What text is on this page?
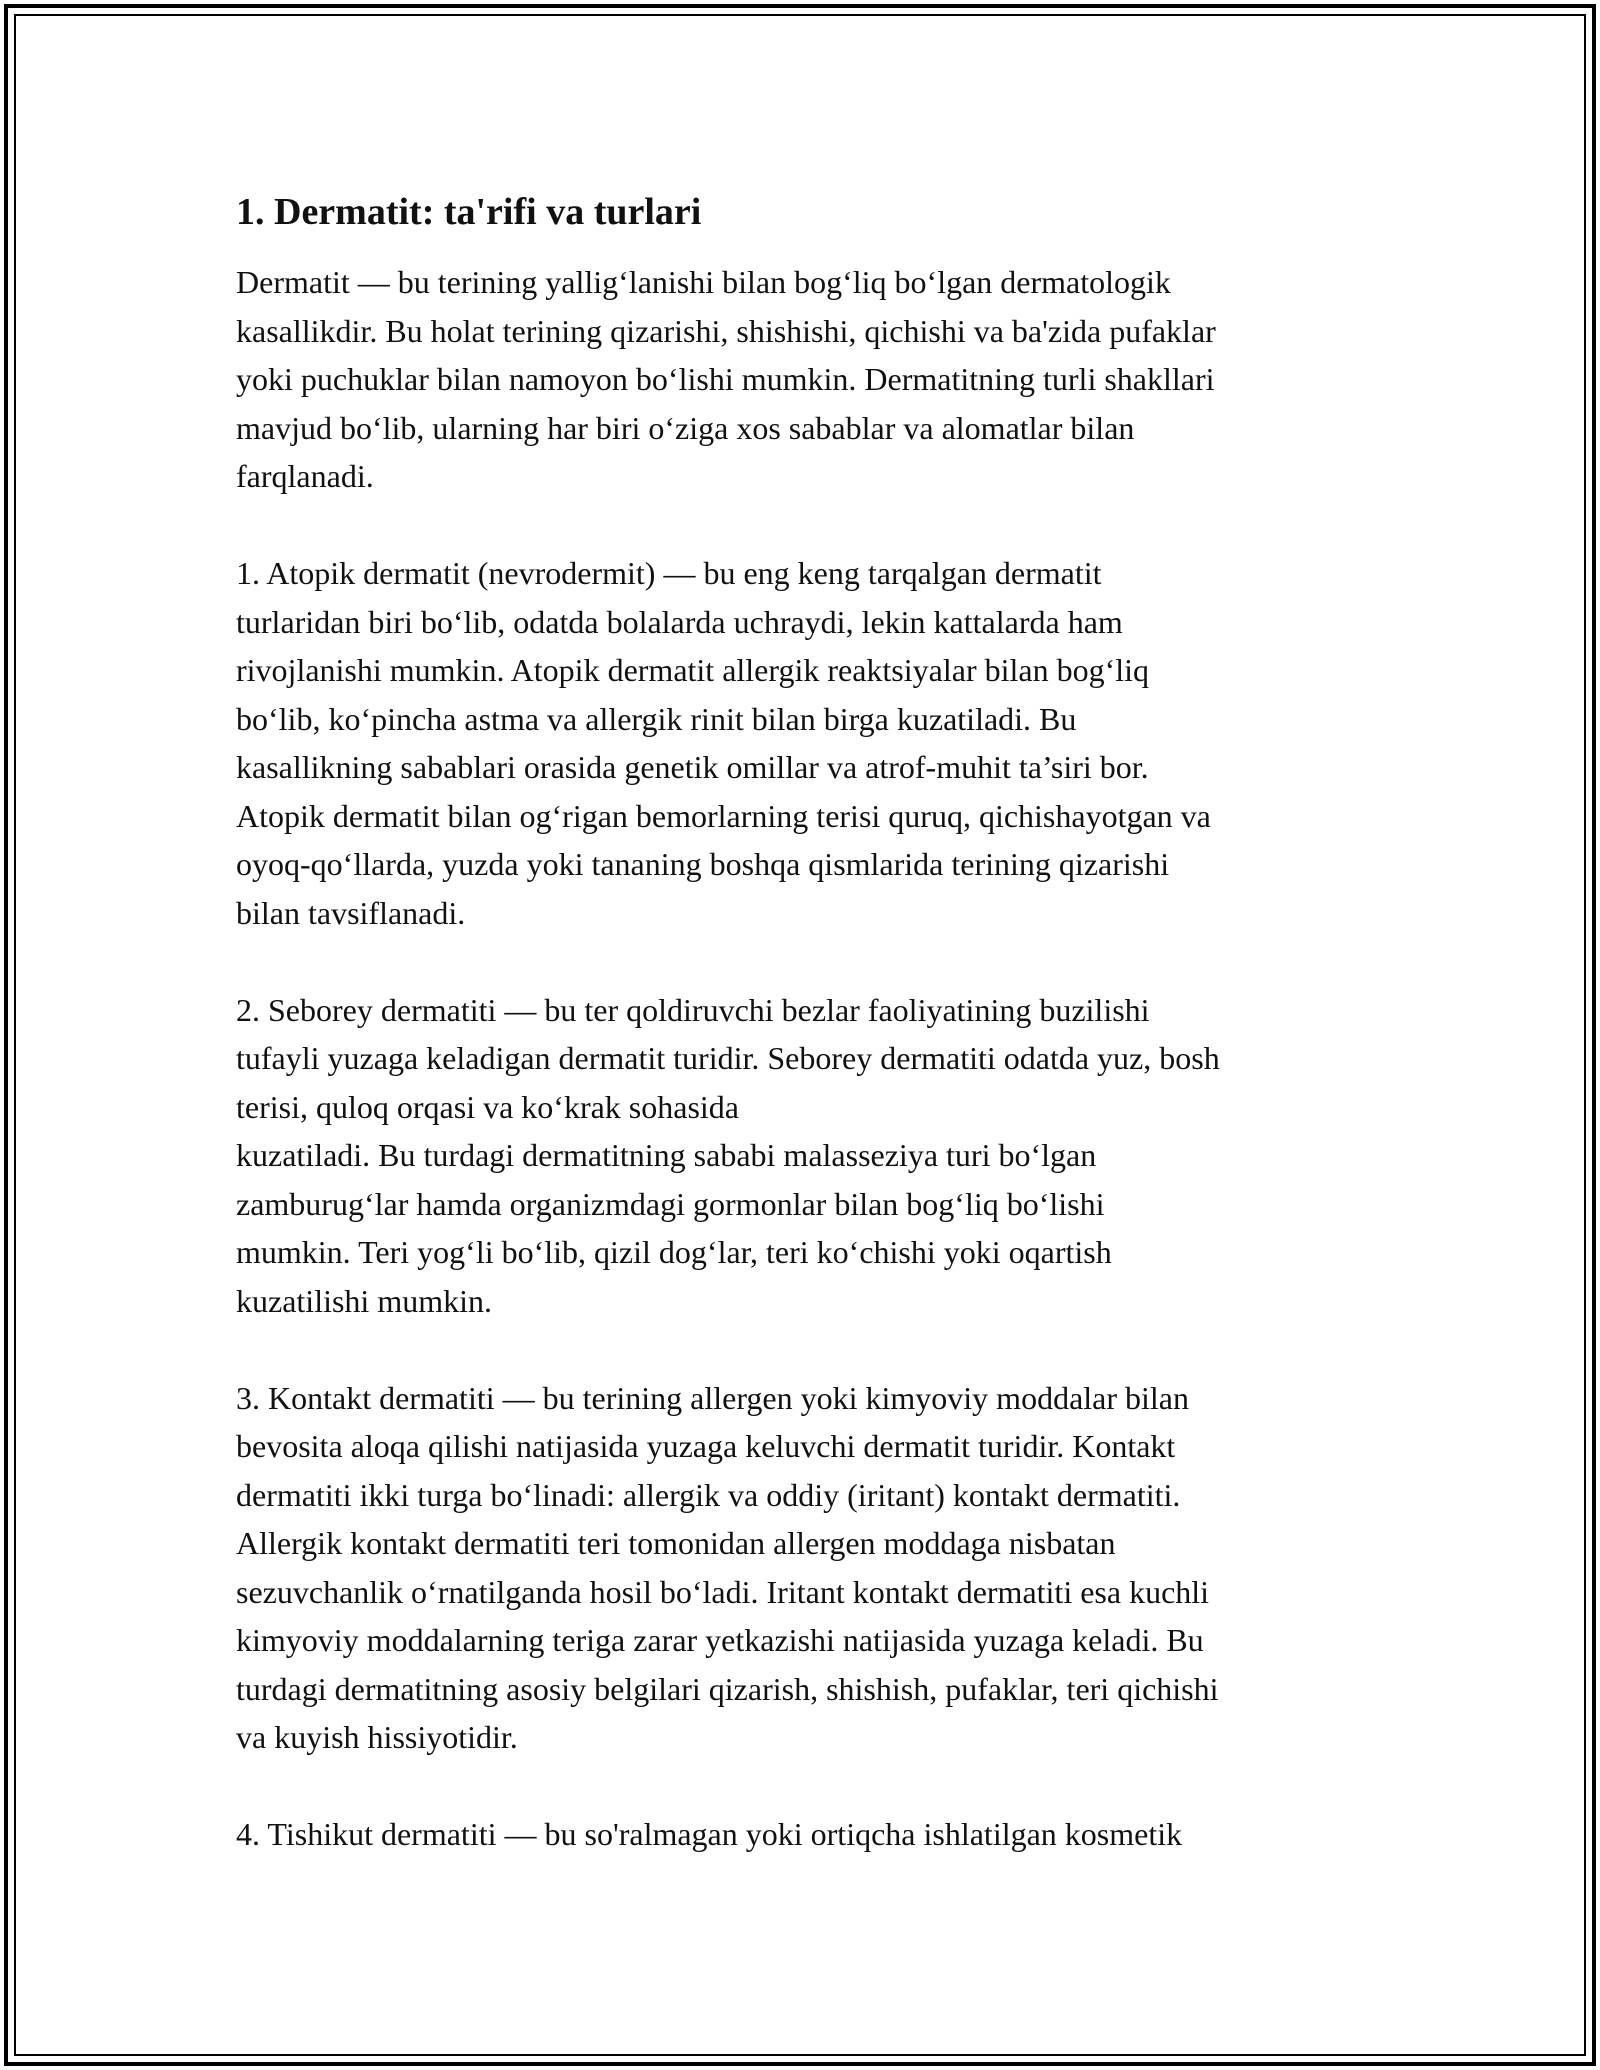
1. Dermatit: ta'rifi va turlari
Dermatit — bu terining yallig‘lanishi bilan bog‘liq bo‘lgan dermatologik
kasallikdir. Bu holat terining qizarishi, shishishi, qichishi va ba'zida pufaklar
yoki puchuklar bilan namoyon bo‘lishi mumkin. Dermatitning turli shakllari
mavjud bo‘lib, ularning har biri o‘ziga xos sabablar va alomatlar bilan
farqlanadi.
1. Atopik dermatit (nevrodermit) — bu eng keng tarqalgan dermatit
turlaridan biri bo‘lib, odatda bolalarda uchraydi, lekin kattalarda ham
rivojlanishi mumkin. Atopik dermatit allergik reaktsiyalar bilan bog‘liq
bo‘lib, ko‘pincha astma va allergik rinit bilan birga kuzatiladi. Bu
kasallikning sabablari orasida genetik omillar va atrof-muhit ta’siri bor.
Atopik dermatit bilan og‘rigan bemorlarning terisi quruq, qichishayotgan va
oyoq-qo‘llarda, yuzda yoki tananing boshqa qismlarida terining qizarishi
bilan tavsiflanadi.
2. Seborey dermatiti — bu ter qoldiruvchi bezlar faoliyatining buzilishi
tufayli yuzaga keladigan dermatit turidir. Seborey dermatiti odatda yuz, bosh
terisi, quloq orqasi va ko‘krak sohasida
kuzatiladi. Bu turdagi dermatitning sababi malasseziya turi bo‘lgan
zamburug‘lar hamda organizmdagi gormonlar bilan bog‘liq bo‘lishi
mumkin. Teri yog‘li bo‘lib, qizil dog‘lar, teri ko‘chishi yoki oqartish
kuzatilishi mumkin.
3. Kontakt dermatiti — bu terining allergen yoki kimyoviy moddalar bilan
bevosita aloqa qilishi natijasida yuzaga keluvchi dermatit turidir. Kontakt
dermatiti ikki turga bo‘linadi: allergik va oddiy (iritant) kontakt dermatiti.
Allergik kontakt dermatiti teri tomonidan allergen moddaga nisbatan
sezuvchanlik o‘rnatilganda hosil bo‘ladi. Iritant kontakt dermatiti esa kuchli
kimyoviy moddalarning teriga zarar yetkazishi natijasida yuzaga keladi. Bu
turdagi dermatitning asosiy belgilari qizarish, shishish, pufaklar, teri qichishi
va kuyish hissiyotidir.
4. Tishikut dermatiti — bu so'ralmagan yoki ortiqcha ishlatilgan kosmetik
